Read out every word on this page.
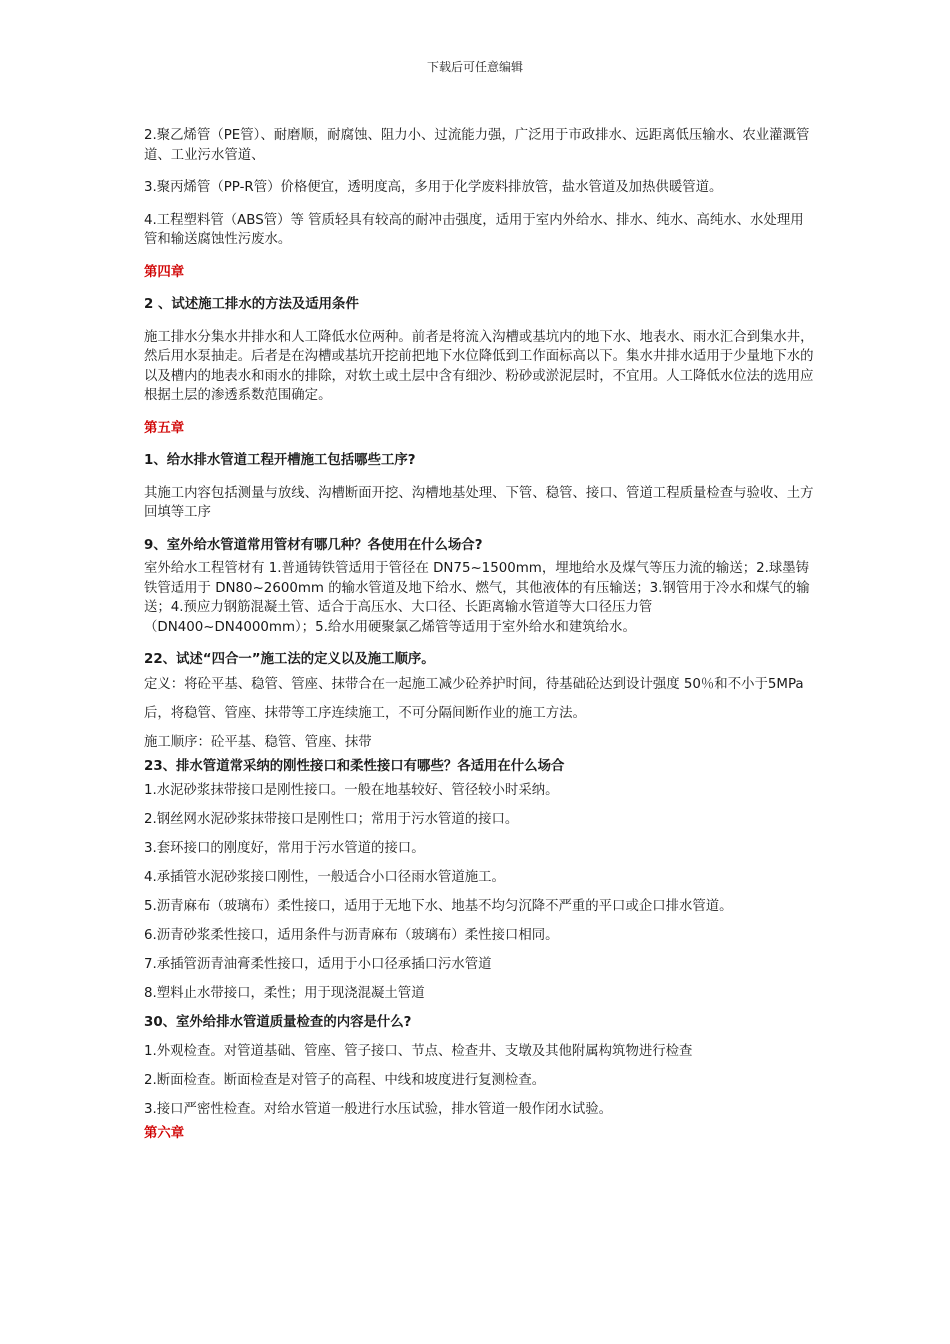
下载后可任意编辑

2.聚乙烯管（PE管）、耐磨顺，耐腐蚀、阻力小、过流能力强，广泛用于市政排水、远距离低压输水、农业灌溉管道、工业污水管道、

3.聚丙烯管（PP-R管）价格便宜，透明度高，多用于化学废料排放管，盐水管道及加热供暖管道。

4.工程塑料管（ABS管）等 管质轻具有较高的耐冲击强度，适用于室内外给水、排水、纯水、高纯水、水处理用管和输送腐蚀性污废水。

第四章

2 、试述施工排水的方法及适用条件

施工排水分集水井排水和人工降低水位两种。前者是将流入沟槽或基坑内的地下水、地表水、雨水汇合到集水井，然后用水泵抽走。后者是在沟槽或基坑开挖前把地下水位降低到工作面标高以下。集水井排水适用于少量地下水的以及槽内的地表水和雨水的排除，对软土或土层中含有细沙、粉砂或淤泥层时，不宜用。人工降低水位法的选用应根据土层的渗透系数范围确定。

第五章

1、给水排水管道工程开槽施工包括哪些工序?

其施工内容包括测量与放线、沟槽断面开挖、沟槽地基处理、下管、稳管、接口、管道工程质量检查与验收、土方回填等工序

9、室外给水管道常用管材有哪几种？各使用在什么场合?

室外给水工程管材有 1.普通铸铁管适用于管径在 DN75~1500mm，埋地给水及煤气等压力流的输送；2.球墨铸铁管适用于 DN80~2600mm 的输水管道及地下给水、燃气，其他液体的有压输送；3.钢管用于冷水和煤气的输送；4.预应力钢筋混凝土管、适合于高压水、大口径、长距离输水管道等大口径压力管（DN400~DN4000mm）；5.给水用硬聚氯乙烯管等适用于室外给水和建筑给水。

22、试述“四合一”施工法的定义以及施工顺序。

定义：将砼平基、稳管、管座、抹带合在一起施工减少砼养护时间，待基础砼达到设计强度 50％和不小于5MPa后，将稳管、管座、抹带等工序连续施工，不可分隔间断作业的施工方法。

施工顺序：砼平基、稳管、管座、抹带

23、排水管道常采纳的刚性接口和柔性接口有哪些？各适用在什么场合

1.水泥砂浆抹带接口是刚性接口。一般在地基较好、管径较小时采纳。

2.钢丝网水泥砂浆抹带接口是刚性口；常用于污水管道的接口。

3.套环接口的刚度好，常用于污水管道的接口。

4.承插管水泥砂浆接口刚性，一般适合小口径雨水管道施工。

5.沥青麻布（玻璃布）柔性接口，适用于无地下水、地基不均匀沉降不严重的平口或企口排水管道。

6.沥青砂浆柔性接口，适用条件与沥青麻布（玻璃布）柔性接口相同。

7.承插管沥青油膏柔性接口，适用于小口径承插口污水管道

8.塑料止水带接口，柔性；用于现浇混凝土管道

30、室外给排水管道质量检查的内容是什么?

1.外观检查。对管道基础、管座、管子接口、节点、检查井、支墩及其他附属构筑物进行检查

2.断面检查。断面检查是对管子的高程、中线和坡度进行复测检查。

3.接口严密性检查。对给水管道一般进行水压试验，排水管道一般作闭水试验。

第六章
